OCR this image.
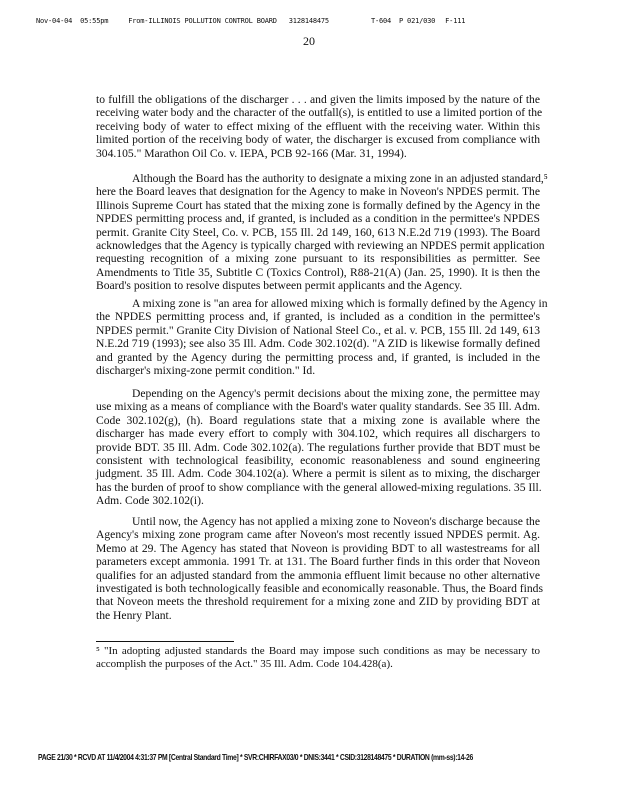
Nov-04-04 05:55pm	From-ILLINOIS POLLUTION CONTROL BOARD 3128148475	T-604 P 021/030 F-111
20
to fulfill the obligations of the discharger . . . and given the limits imposed by the nature of the
receiving water body and the character of the outfall(s), is entitled to use a limited portion of the
receiving body of water to effect mixing of the effluent with the receiving water. Within this
limited portion of the receiving body of water, the discharger is excused from compliance with
304.105." Marathon Oil Co. v. IEPA, PCB 92-166 (Mar. 31, 1994).
Although the Board has the authority to designate a mixing zone in an adjusted standard,⁵
here the Board leaves that designation for the Agency to make in Noveon's NPDES permit. The
Illinois Supreme Court has stated that the mixing zone is formally defined by the Agency in the
NPDES permitting process and, if granted, is included as a condition in the permittee's NPDES
permit. Granite City Steel, Co. v. PCB, 155 Ill. 2d 149, 160, 613 N.E.2d 719 (1993). The Board
acknowledges that the Agency is typically charged with reviewing an NPDES permit application
requesting recognition of a mixing zone pursuant to its responsibilities as permitter. See
Amendments to Title 35, Subtitle C (Toxics Control), R88-21(A) (Jan. 25, 1990). It is then the
Board's position to resolve disputes between permit applicants and the Agency.
A mixing zone is "an area for allowed mixing which is formally defined by the Agency in
the NPDES permitting process and, if granted, is included as a condition in the permittee's
NPDES permit." Granite City Division of National Steel Co., et al. v. PCB, 155 Ill. 2d 149, 613
N.E.2d 719 (1993); see also 35 Ill. Adm. Code 302.102(d). "A ZID is likewise formally defined
and granted by the Agency during the permitting process and, if granted, is included in the
discharger's mixing-zone permit condition." Id.
Depending on the Agency's permit decisions about the mixing zone, the permittee may
use mixing as a means of compliance with the Board's water quality standards. See 35 Ill. Adm.
Code 302.102(g), (h). Board regulations state that a mixing zone is available where the
discharger has made every effort to comply with 304.102, which requires all dischargers to
provide BDT. 35 Ill. Adm. Code 302.102(a). The regulations further provide that BDT must be
consistent with technological feasibility, economic reasonableness and sound engineering
judgment. 35 Ill. Adm. Code 304.102(a). Where a permit is silent as to mixing, the discharger
has the burden of proof to show compliance with the general allowed-mixing regulations. 35 Ill.
Adm. Code 302.102(i).
Until now, the Agency has not applied a mixing zone to Noveon's discharge because the
Agency's mixing zone program came after Noveon's most recently issued NPDES permit. Ag.
Memo at 29. The Agency has stated that Noveon is providing BDT to all wastestreams for all
parameters except ammonia. 1991 Tr. at 131. The Board further finds in this order that Noveon
qualifies for an adjusted standard from the ammonia effluent limit because no other alternative
investigated is both technologically feasible and economically reasonable. Thus, the Board finds
that Noveon meets the threshold requirement for a mixing zone and ZID by providing BDT at
the Henry Plant.
⁵ "In adopting adjusted standards the Board may impose such conditions as may be necessary to
accomplish the purposes of the Act." 35 Ill. Adm. Code 104.428(a).
PAGE 21/30 * RCVD AT 11/4/2004 4:31:37 PM [Central Standard Time] * SVR:CHIRFAX03/0 * DNIS:3441 * CSID:3128148475 * DURATION (mm-ss):14-26
